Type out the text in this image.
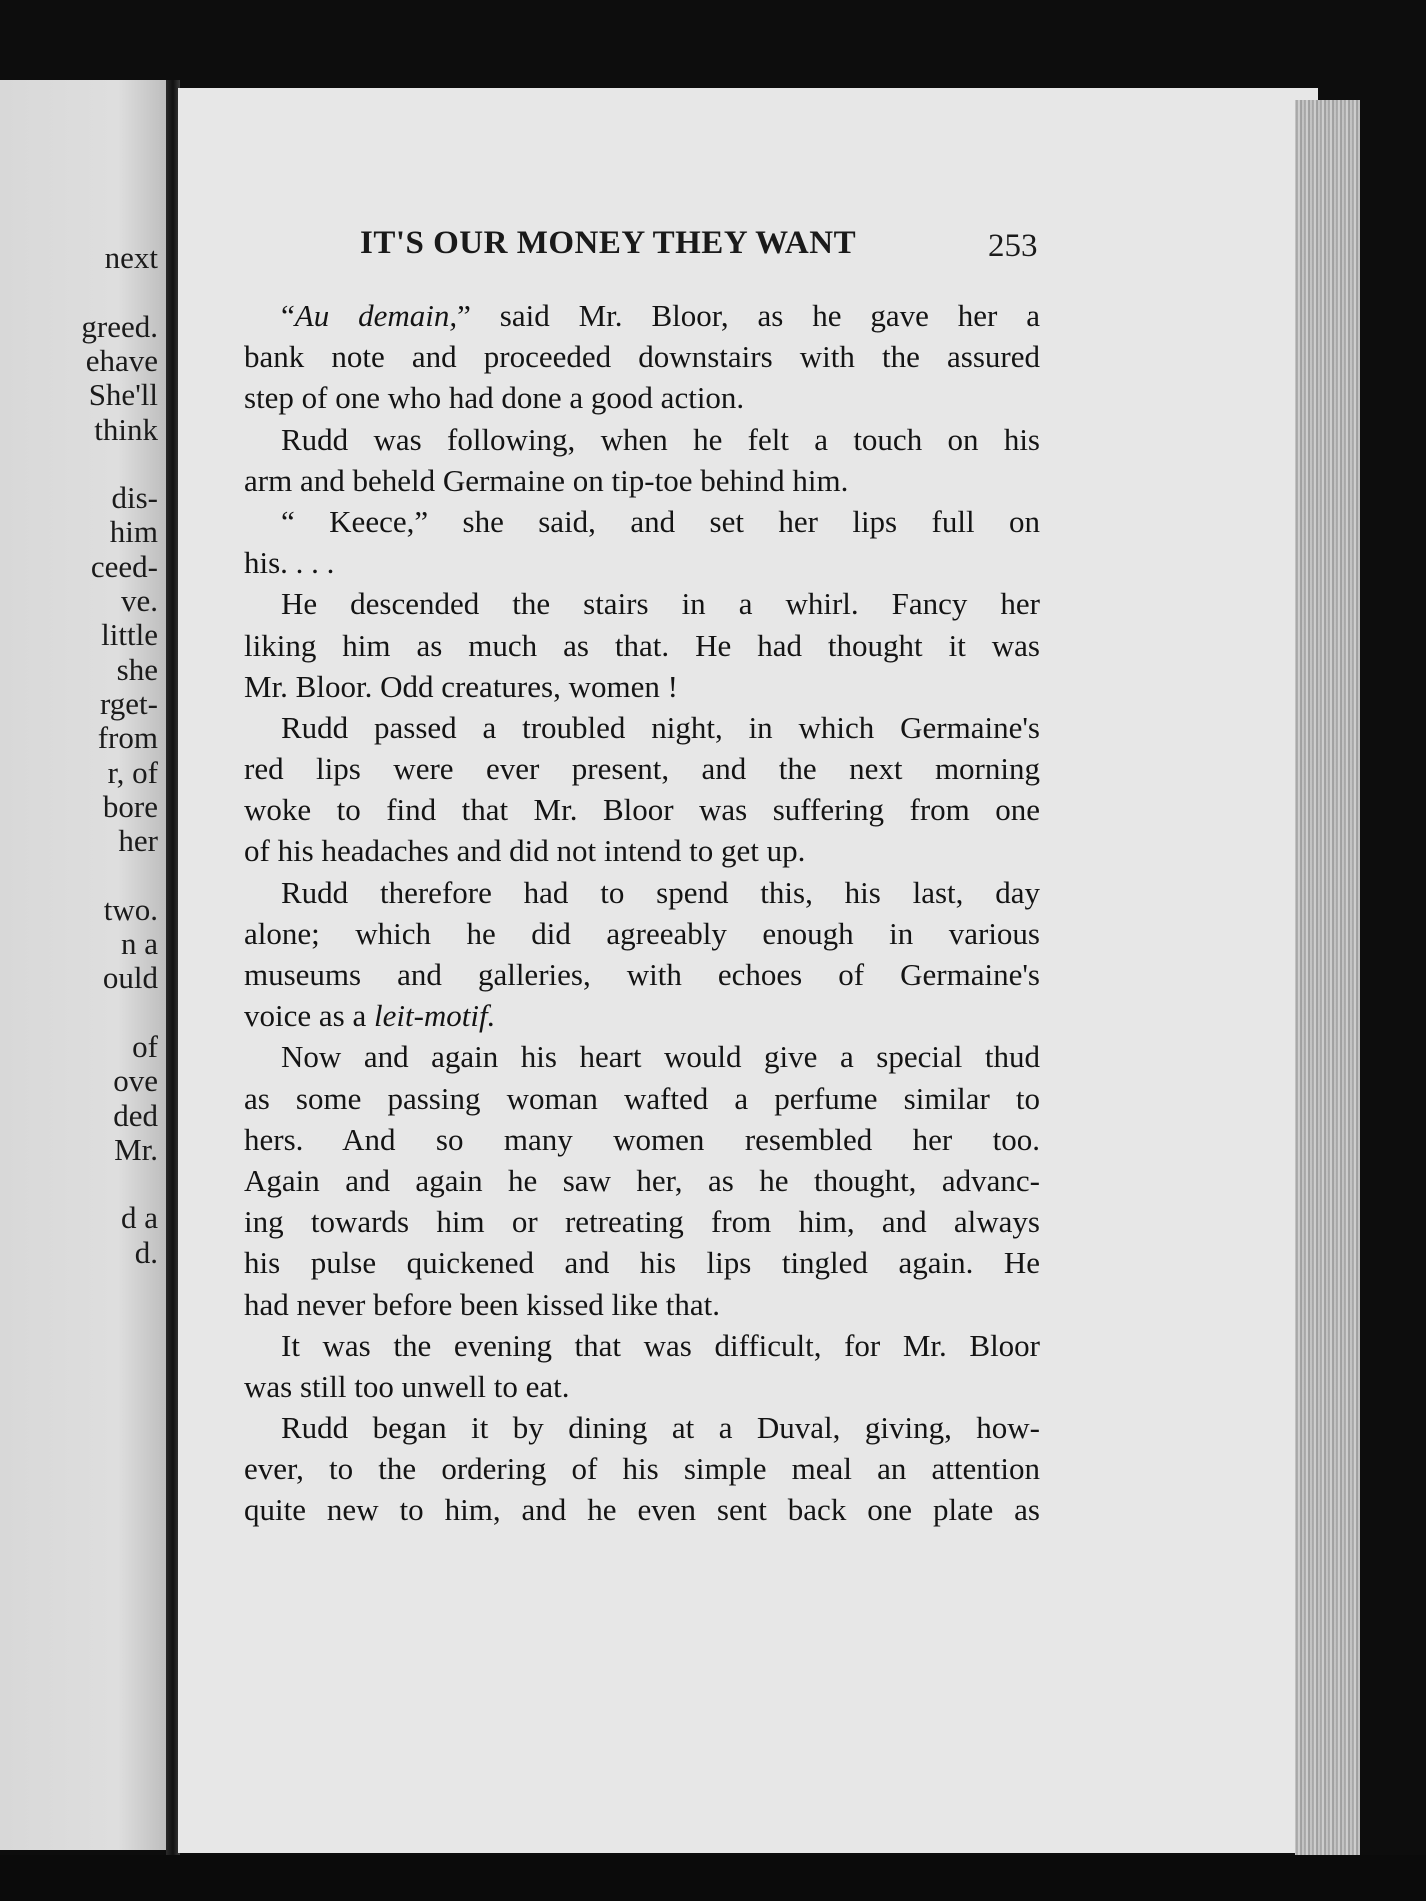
next
greed.
ehave
She'll
think
dis-
him
ceed-
ve.
little
she
rget-
from
r, of
bore
her
two.
n a
ould
of
ove
ded
Mr.
d a
d.
IT'S OUR MONEY THEY WANT	253
“Au demain,” said Mr. Bloor, as he gave her a
bank note and proceeded downstairs with the assured
step of one who had done a good action.
Rudd was following, when he felt a touch on his
arm and beheld Germaine on tip-toe behind him.
“ Keece,” she said, and set her lips full on
his. . . .
He descended the stairs in a whirl. Fancy her
liking him as much as that. He had thought it was
Mr. Bloor. Odd creatures, women !
Rudd passed a troubled night, in which Germaine's
red lips were ever present, and the next morning
woke to find that Mr. Bloor was suffering from one
of his headaches and did not intend to get up.
Rudd therefore had to spend this, his last, day
alone; which he did agreeably enough in various
museums and galleries, with echoes of Germaine's
voice as a leit-motif.
Now and again his heart would give a special thud
as some passing woman wafted a perfume similar to
hers. And so many women resembled her too.
Again and again he saw her, as he thought, advanc-
ing towards him or retreating from him, and always
his pulse quickened and his lips tingled again. He
had never before been kissed like that.
It was the evening that was difficult, for Mr. Bloor
was still too unwell to eat.
Rudd began it by dining at a Duval, giving, how-
ever, to the ordering of his simple meal an attention
quite new to him, and he even sent back one plate as
